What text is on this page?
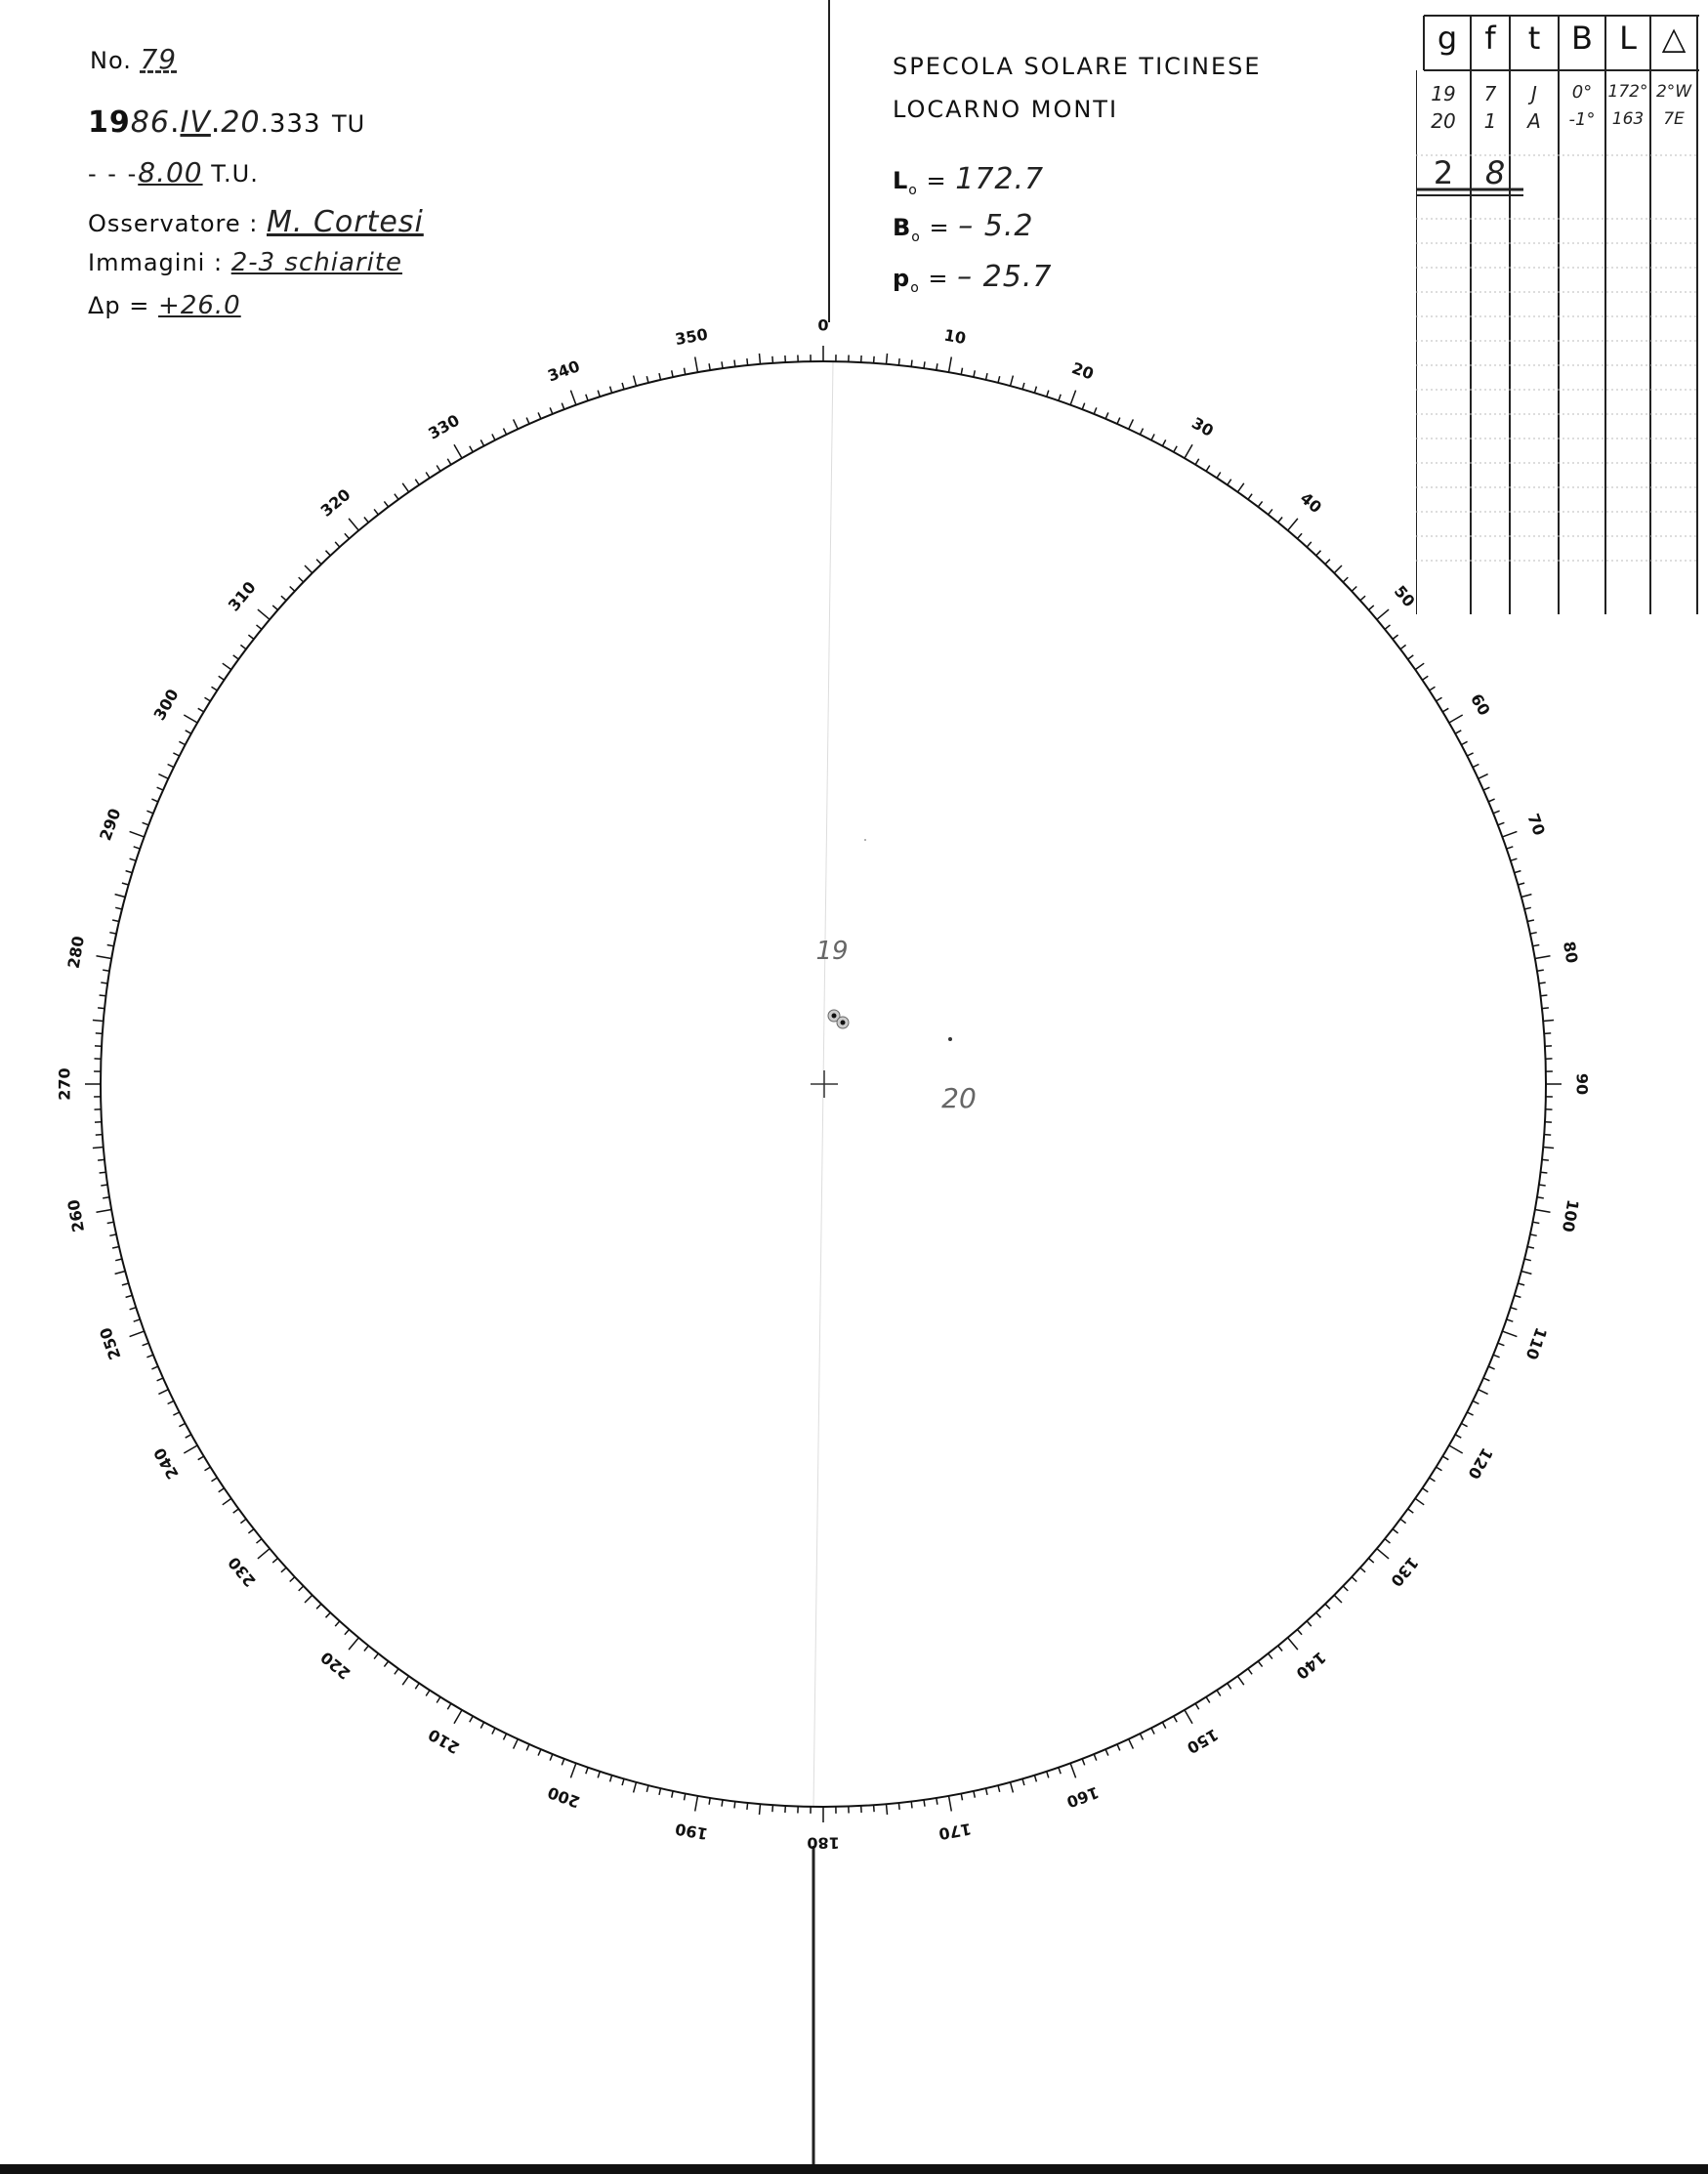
No. 79
1986.IV.20.333 TU
- - -8.00 T.U.
Osservatore : M. Cortesi
Immagini : 2-3 schiarite
Δp = +26.0
SPECOLA SOLARE TICINESE
LOCARNO MONTI
$L_o = 172.7$
$B_o$ = – 5.2
$p_o$ = – 25.7
g f	t B L △
19	7	J	0° 172° 2°W
20	1	A	-1°	163	7E
2	8
0
10
20
30
40
50
60
70
80
90
100
110
120
130
140
150
160
170
180
190
200
210
220
230
240
250
260
270
280
290
300
310
320
330
340
350
19
20
